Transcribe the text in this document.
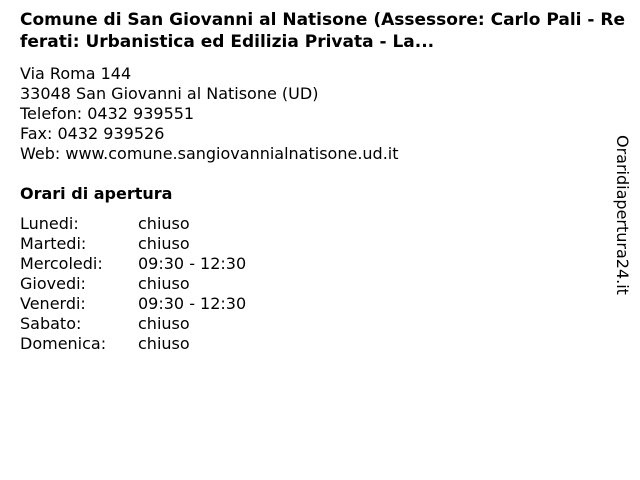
Comune di San Giovanni al Natisone (Assessore: Carlo Pali - Referati: Urbanistica ed Edilizia Privata - La...
Via Roma 144
33048 San Giovanni al Natisone (UD)
Telefon: 0432 939551
Fax: 0432 939526
Web: www.comune.sangiovannialnatisone.ud.it
Orari di apertura
Lunedi:	chiuso
Martedi:	chiuso
Mercoledi:	09:30 - 12:30
Giovedi:	chiuso
Venerdi:	09:30 - 12:30
Sabato:	chiuso
Domenica:	chiuso
Oraridiapertura24.it
